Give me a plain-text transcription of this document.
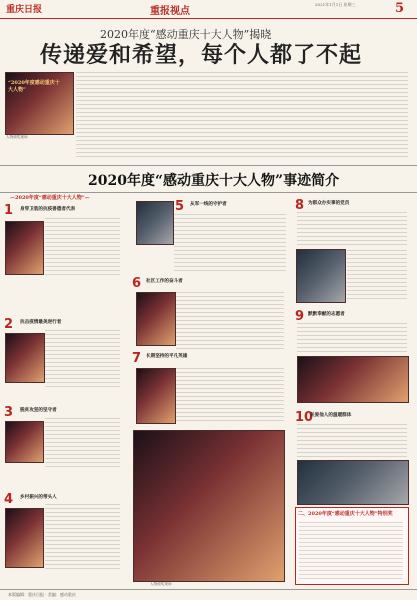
重庆日报	重报视点
2021年1月1日 星期三	5
2020年度“感动重庆十大人物”揭晓
传递爱和希望，每个人都了不起
人物颁奖现场
“2020年度感动重庆十大人物”
2020年度“感动重庆十大人物”事迹简介
—2020年度“感动重庆十大人物”—
1 身穿卫装的抗疫善德者代表
2 抗击疫情最美逆行者
3 脱贫攻坚的坚守者
4 乡村振兴的带头人
5 从军一线的守护者
6 社区工作的奋斗者
7 长期坚持的平凡英雄
人物颁奖现场
8 为群众办实事的党员
9 默默奉献的志愿者
10
关爱他人的温暖群体
二、2020年度“感动重庆十大人物”特别奖
本版编辑：重庆日报 · 美编：感动重庆
